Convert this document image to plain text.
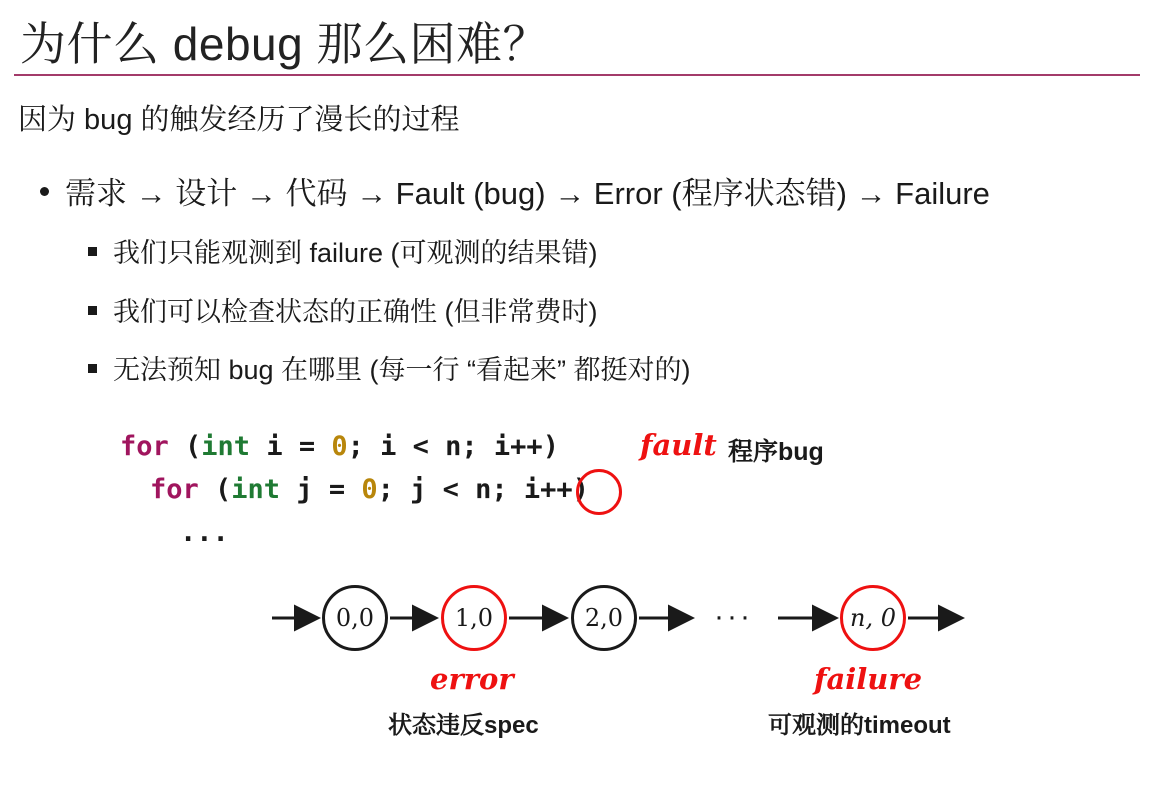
为什么 debug 那么困难？
因为 bug 的触发经历了漫长的过程
需求 → 设计 → 代码 → Fault (bug) → Error (程序状态错) → Failure
我们只能观测到 failure (可观测的结果错)
我们可以检查状态的正确性 (但非常费时)
无法预知 bug 在哪里 (每一行 “看起来” 都挺对的)
for (int i = 0; i < n; i++)
for (int j = 0; j < n; i++)
...
fault 程序bug
0,0	1,0	2,0	n, 0
···
error	failure
状态违反spec	可观测的timeout
